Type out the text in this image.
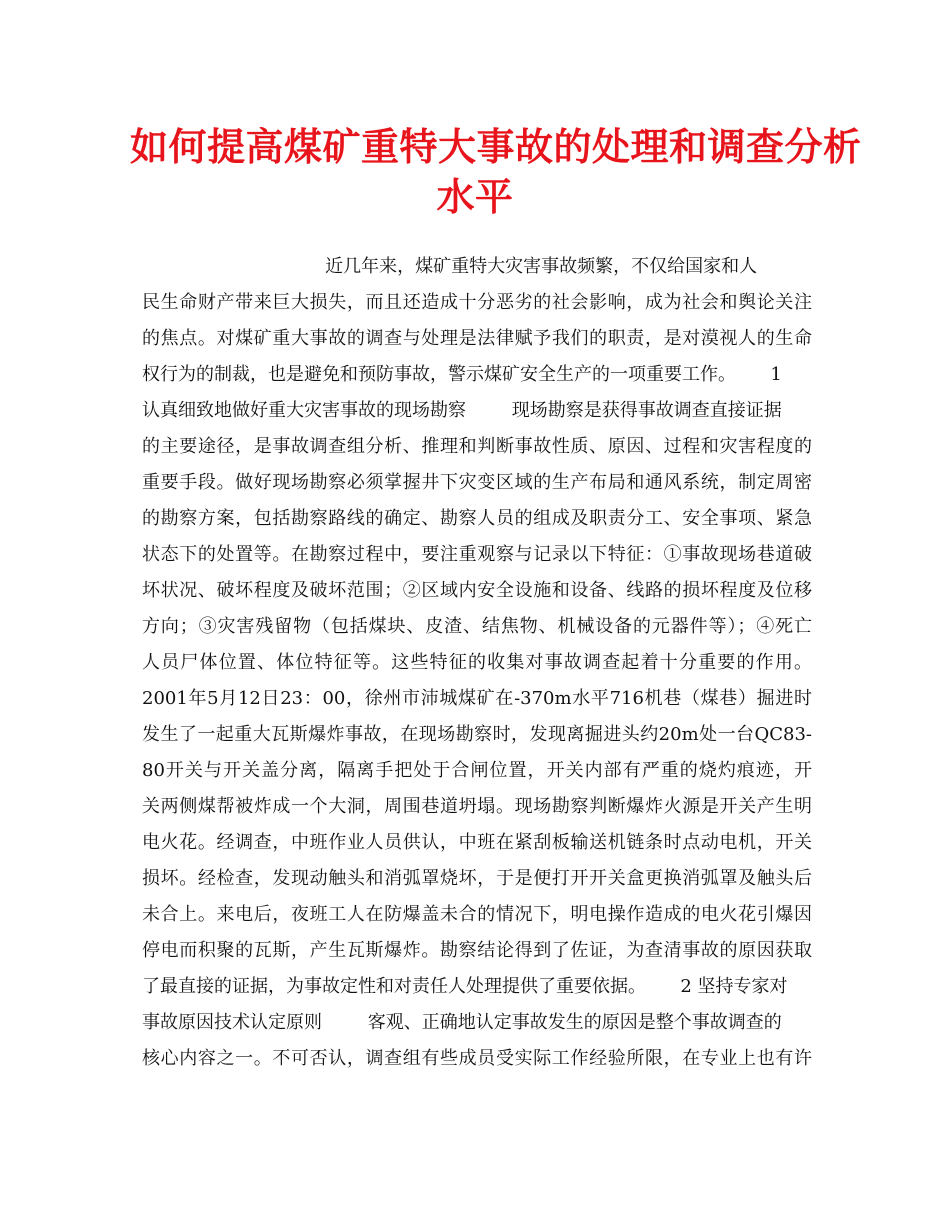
如何提高煤矿重特大事故的处理和调查分析
水平
近几年来，煤矿重特大灾害事故频繁，不仅给国家和人
民生命财产带来巨大损失，而且还造成十分恶劣的社会影响，成为社会和舆论关注
的焦点。对煤矿重大事故的调查与处理是法律赋予我们的职责，是对漠视人的生命
权行为的制裁，也是避免和预防事故，警示煤矿安全生产的一项重要工作。      1
认真细致地做好重大灾害事故的现场勘察        现场勘察是获得事故调查直接证据
的主要途径，是事故调查组分析、推理和判断事故性质、原因、过程和灾害程度的
重要手段。做好现场勘察必须掌握井下灾变区域的生产布局和通风系统，制定周密
的勘察方案，包括勘察路线的确定、勘察人员的组成及职责分工、安全事项、紧急
状态下的处置等。在勘察过程中，要注重观察与记录以下特征：①事故现场巷道破
坏状况、破坏程度及破坏范围；②区域内安全设施和设备、线路的损坏程度及位移
方向；③灾害残留物（包括煤块、皮渣、结焦物、机械设备的元器件等）；④死亡
人员尸体位置、体位特征等。这些特征的收集对事故调查起着十分重要的作用。
2001年5月12日23：00，徐州市沛城煤矿在-370m水平716机巷（煤巷）掘进时
发生了一起重大瓦斯爆炸事故，在现场勘察时，发现离掘进头约20m处一台QC83-
80开关与开关盖分离，隔离手把处于合闸位置，开关内部有严重的烧灼痕迹，开
关两侧煤帮被炸成一个大洞，周围巷道坍塌。现场勘察判断爆炸火源是开关产生明
电火花。经调查，中班作业人员供认，中班在紧刮板输送机链条时点动电机，开关
损坏。经检查，发现动触头和消弧罩烧坏，于是便打开开关盒更换消弧罩及触头后
未合上。来电后，夜班工人在防爆盖未合的情况下，明电操作造成的电火花引爆因
停电而积聚的瓦斯，产生瓦斯爆炸。勘察结论得到了佐证，为查清事故的原因获取
了最直接的证据，为事故定性和对责任人处理提供了重要依据。      2 坚持专家对
事故原因技术认定原则        客观、正确地认定事故发生的原因是整个事故调查的
核心内容之一。不可否认，调查组有些成员受实际工作经验所限，在专业上也有许
